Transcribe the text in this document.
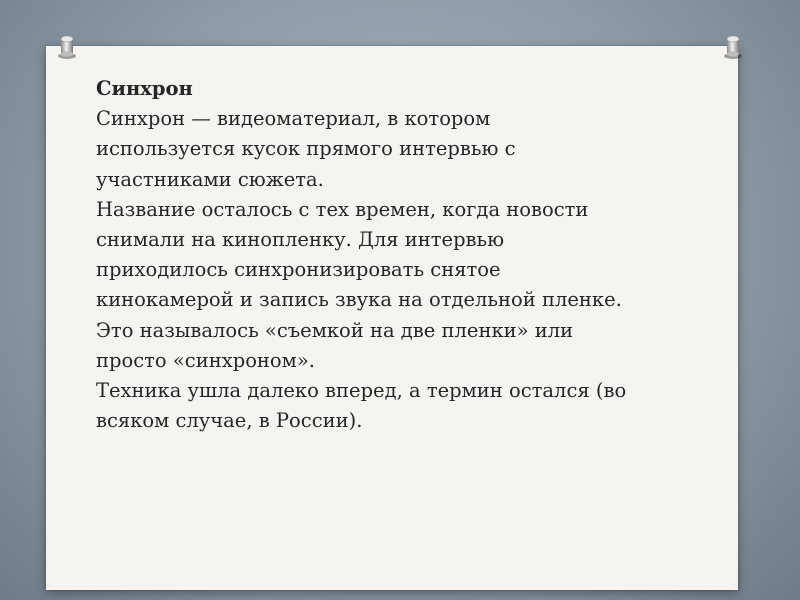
Синхрон
Синхрон — видеоматериал, в котором
используется кусок прямого интервью с
участниками сюжета.
Название осталось с тех времен, когда новости
снимали на кинопленку. Для интервью
приходилось синхронизировать снятое
кинокамерой и запись звука на отдельной пленке.
Это называлось «съемкой на две пленки» или
просто «синхроном».
Техника ушла далеко вперед, а термин остался (во
всяком случае, в России).
